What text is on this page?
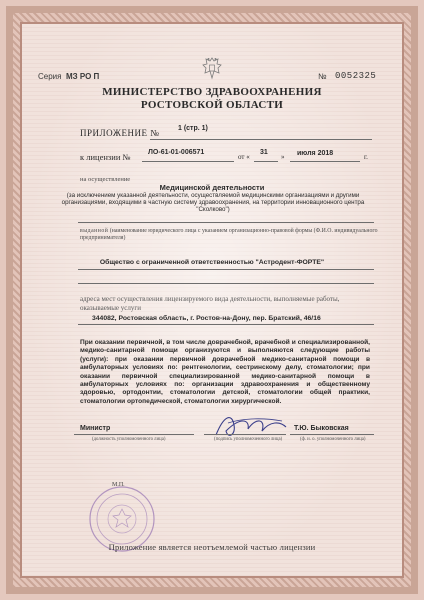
Серия МЗ РО П	№ 0052325
МИНИСТЕРСТВО ЗДРАВООХРАНЕНИЯ
РОСТОВСКОЙ ОБЛАСТИ
ПРИЛОЖЕНИЕ №	1 (стр. 1)
к лицензии № ЛО-61-01-006571
от «
31
» июля 2018	г.
на осуществление
Медицинской деятельности
(за исключением указанной деятельности, осуществляемой медицинскими организациями и другими организациями, входящими в частную систему здравоохранения, на территории инновационного центра "Сколково")
выданной (наименование юридического лица с указанием организационно-правовой формы (Ф.И.О. индивидуального предпринимателя)
Общество с ограниченной ответственностью "Астродент-ФОРТЕ"
адреса мест осуществления лицензируемого вида деятельности, выполняемые работы, оказываемые услуги
344082, Ростовская область, г. Ростов-на-Дону, пер. Братский, 46/16
При оказании первичной, в том числе доврачебной, врачебной и специализированной, медико-санитарной помощи организуются и выполняются следующие работы (услуги): при оказании первичной доврачебной медико-санитарной помощи в амбулаторных условиях по: рентгенологии, сестринскому делу, стоматологии; при оказании первичной специализированной медико-санитарной помощи в амбулаторных условиях по: организации здравоохранения и общественному здоровью, ортодонтии, стоматологии детской, стоматологии общей практики, стоматологии ортопедической, стоматологии хирургической.
Министр
(должность уполномоченного лица)	(подпись уполномоченного лица)
Т.Ю. Быковская
(ф. и. о. уполномоченного лица)
М.П.
Приложение является неотъемлемой частью лицензии
